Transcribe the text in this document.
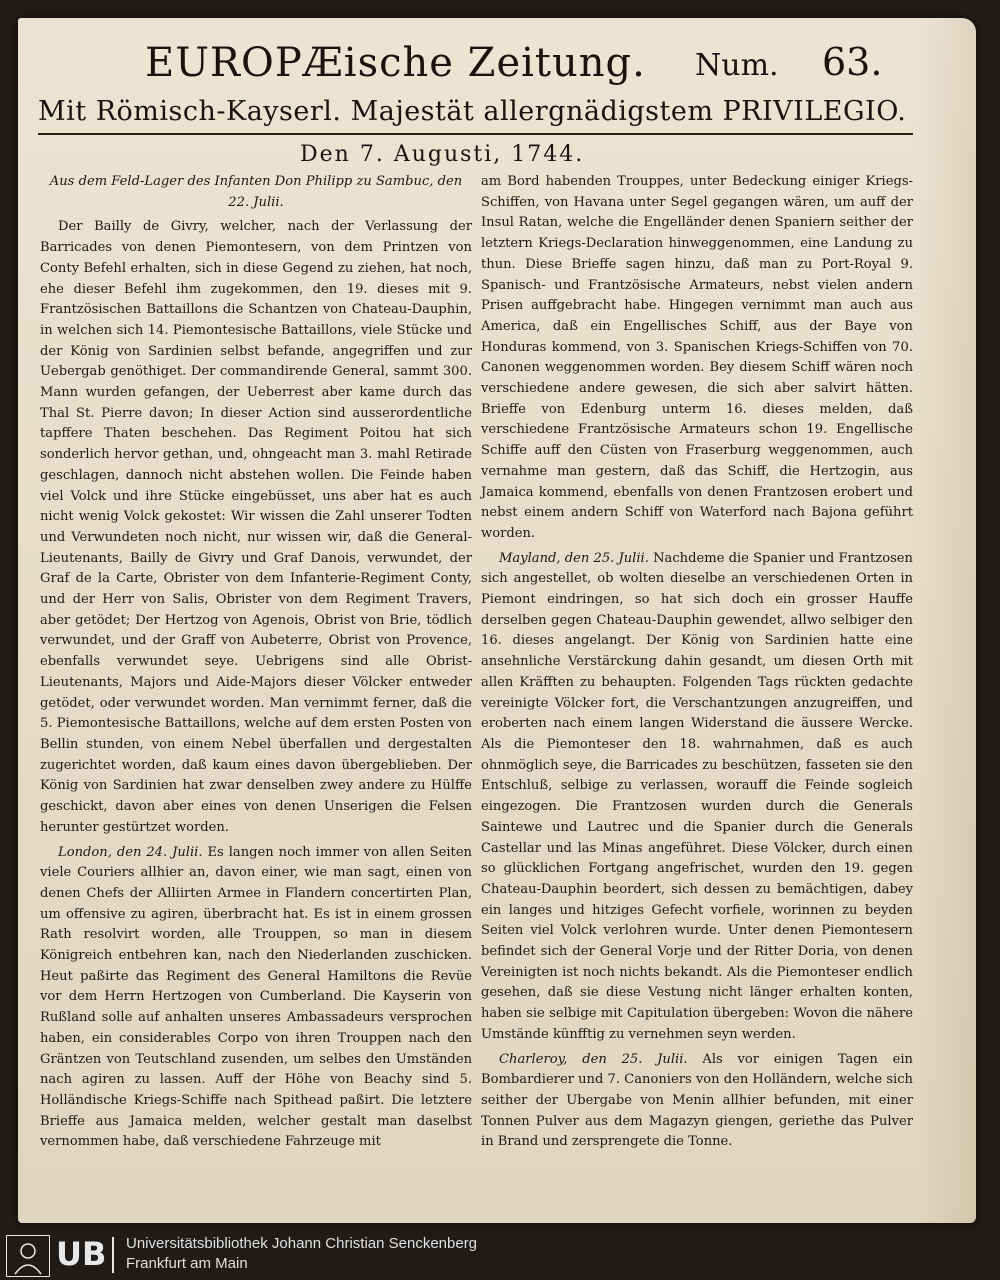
EUROPÆische Zeitung. Num. 63.
Mit Römisch-Kayserl. Majestät allergnädigstem PRIVILEGIO.
Den 7. Augusti, 1744.

Aus dem Feld-Lager des Infanten Don Philipp zu Sambuc, den 22. Julii.

Der Bailly de Givry, welcher, nach der Verlassung der Barricades von denen Piemontesern, von dem Printzen von Conty Befehl erhalten, sich in diese Gegend zu ziehen, hat noch, ehe dieser Befehl ihm zugekommen, den 19. dieses mit 9. Frantzösischen Battaillons die Schantzen von Chateau-Dauphin, in welchen sich 14. Piemontesische Battaillons, viele Stücke und der König von Sardinien selbst befande, angegriffen und zur Uebergab genöthiget. Der commandirende General, sammt 300. Mann wurden gefangen, der Ueberrest aber kame durch das Thal St. Pierre davon; In dieser Action sind ausserordentliche tapffere Thaten beschehen. Das Regiment Poitou hat sich sonderlich hervor gethan, und, ohngeacht man 3. mahl Retirade geschlagen, dannoch nicht abstehen wollen. Die Feinde haben viel Volck und ihre Stücke eingebüsset, uns aber hat es auch nicht wenig Volck gekostet: Wir wissen die Zahl unserer Todten und Verwundeten noch nicht, nur wissen wir, daß die General-Lieutenants, Bailly de Givry und Graf Danois, verwundet, der Graf de la Carte, Obrister von dem Infanterie-Regiment Conty, und der Herr von Salis, Obrister von dem Regiment Travers, aber getödet; Der Hertzog von Agenois, Obrist von Brie, tödlich verwundet, und der Graff von Aubeterre, Obrist von Provence, ebenfalls verwundet seye. Uebrigens sind alle Obrist-Lieutenants, Majors und Aide-Majors dieser Völcker entweder getödet, oder verwundet worden. Man vernimmt ferner, daß die 5. Piemontesische Battaillons, welche auf dem ersten Posten von Bellin stunden, von einem Nebel überfallen und dergestalten zugerichtet worden, daß kaum eines davon übergeblieben. Der König von Sardinien hat zwar denselben zwey andere zu Hülffe geschickt, davon aber eines von denen Unserigen die Felsen herunter gestürtzet worden.

London, den 24. Julii. Es langen noch immer von allen Seiten viele Couriers allhier an, davon einer, wie man sagt, einen von denen Chefs der Alliirten Armee in Flandern concertirten Plan, um offensive zu agiren, überbracht hat. Es ist in einem grossen Rath resolvirt worden, alle Trouppen, so man in diesem Königreich entbehren kan, nach den Niederlanden zuschicken. Heut paßirte das Regiment des General Hamiltons die Revüe vor dem Herrn Hertzogen von Cumberland. Die Kayserin von Rußland solle auf anhalten unseres Ambassadeurs versprochen haben, ein considerables Corpo von ihren Trouppen nach den Gräntzen von Teutschland zusenden, um selbes den Umständen nach agiren zu lassen. Auff der Höhe von Beachy sind 5. Holländische Kriegs-Schiffe nach Spithead paßirt. Die letztere Brieffe aus Jamaica melden, welcher gestalt man daselbst vernommen habe, daß verschiedene Fahrzeuge mit

am Bord habenden Trouppes, unter Bedeckung einiger Kriegs-Schiffen, von Havana unter Segel gegangen wären, um auff der Insul Ratan, welche die Engelländer denen Spaniern seither der letztern Kriegs-Declaration hinweggenommen, eine Landung zu thun. Diese Brieffe sagen hinzu, daß man zu Port-Royal 9. Spanisch- und Frantzösische Armateurs, nebst vielen andern Prisen auffgebracht habe. Hingegen vernimmt man auch aus America, daß ein Engellisches Schiff, aus der Baye von Honduras kommend, von 3. Spanischen Kriegs-Schiffen von 70. Canonen weggenommen worden. Bey diesem Schiff wären noch verschiedene andere gewesen, die sich aber salvirt hätten. Brieffe von Edenburg unterm 16. dieses melden, daß verschiedene Frantzösische Armateurs schon 19. Engellische Schiffe auff den Cüsten von Fraserburg weggenommen, auch vernahme man gestern, daß das Schiff, die Hertzogin, aus Jamaica kommend, ebenfalls von denen Frantzosen erobert und nebst einem andern Schiff von Waterford nach Bajona geführt worden.

Mayland, den 25. Julii. Nachdeme die Spanier und Frantzosen sich angestellet, ob wolten dieselbe an verschiedenen Orten in Piemont eindringen, so hat sich doch ein grosser Hauffe derselben gegen Chateau-Dauphin gewendet, allwo selbiger den 16. dieses angelangt. Der König von Sardinien hatte eine ansehnliche Verstärckung dahin gesandt, um diesen Orth mit allen Kräfften zu behaupten. Folgenden Tags rückten gedachte vereinigte Völcker fort, die Verschantzungen anzugreiffen, und eroberten nach einem langen Widerstand die äussere Wercke. Als die Piemonteser den 18. wahrnahmen, daß es auch ohnmöglich seye, die Barricades zu beschützen, fasseten sie den Entschluß, selbige zu verlassen, worauff die Feinde sogleich eingezogen. Die Frantzosen wurden durch die Generals Saintewe und Lautrec und die Spanier durch die Generals Castellar und las Minas angeführet. Diese Völcker, durch einen so glücklichen Fortgang angefrischet, wurden den 19. gegen Chateau-Dauphin beordert, sich dessen zu bemächtigen, dabey ein langes und hitziges Gefecht vorfiele, worinnen zu beyden Seiten viel Volck verlohren wurde. Unter denen Piemontesern befindet sich der General Vorje und der Ritter Doria, von denen Vereinigten ist noch nichts bekandt. Als die Piemonteser endlich gesehen, daß sie diese Vestung nicht länger erhalten konten, haben sie selbige mit Capitulation übergeben: Wovon die nähere Umstände künfftig zu vernehmen seyn werden.

Charleroy, den 25. Julii. Als vor einigen Tagen ein Bombardierer und 7. Canoniers von den Holländern, welche sich seither der Ubergabe von Menin allhier befunden, mit einer Tonnen Pulver aus dem Magazyn giengen, geriethe das Pulver in Brand und zersprengete die Tonne.

UB Universitätsbibliothek Johann Christian Senckenberg
Frankfurt am Main
